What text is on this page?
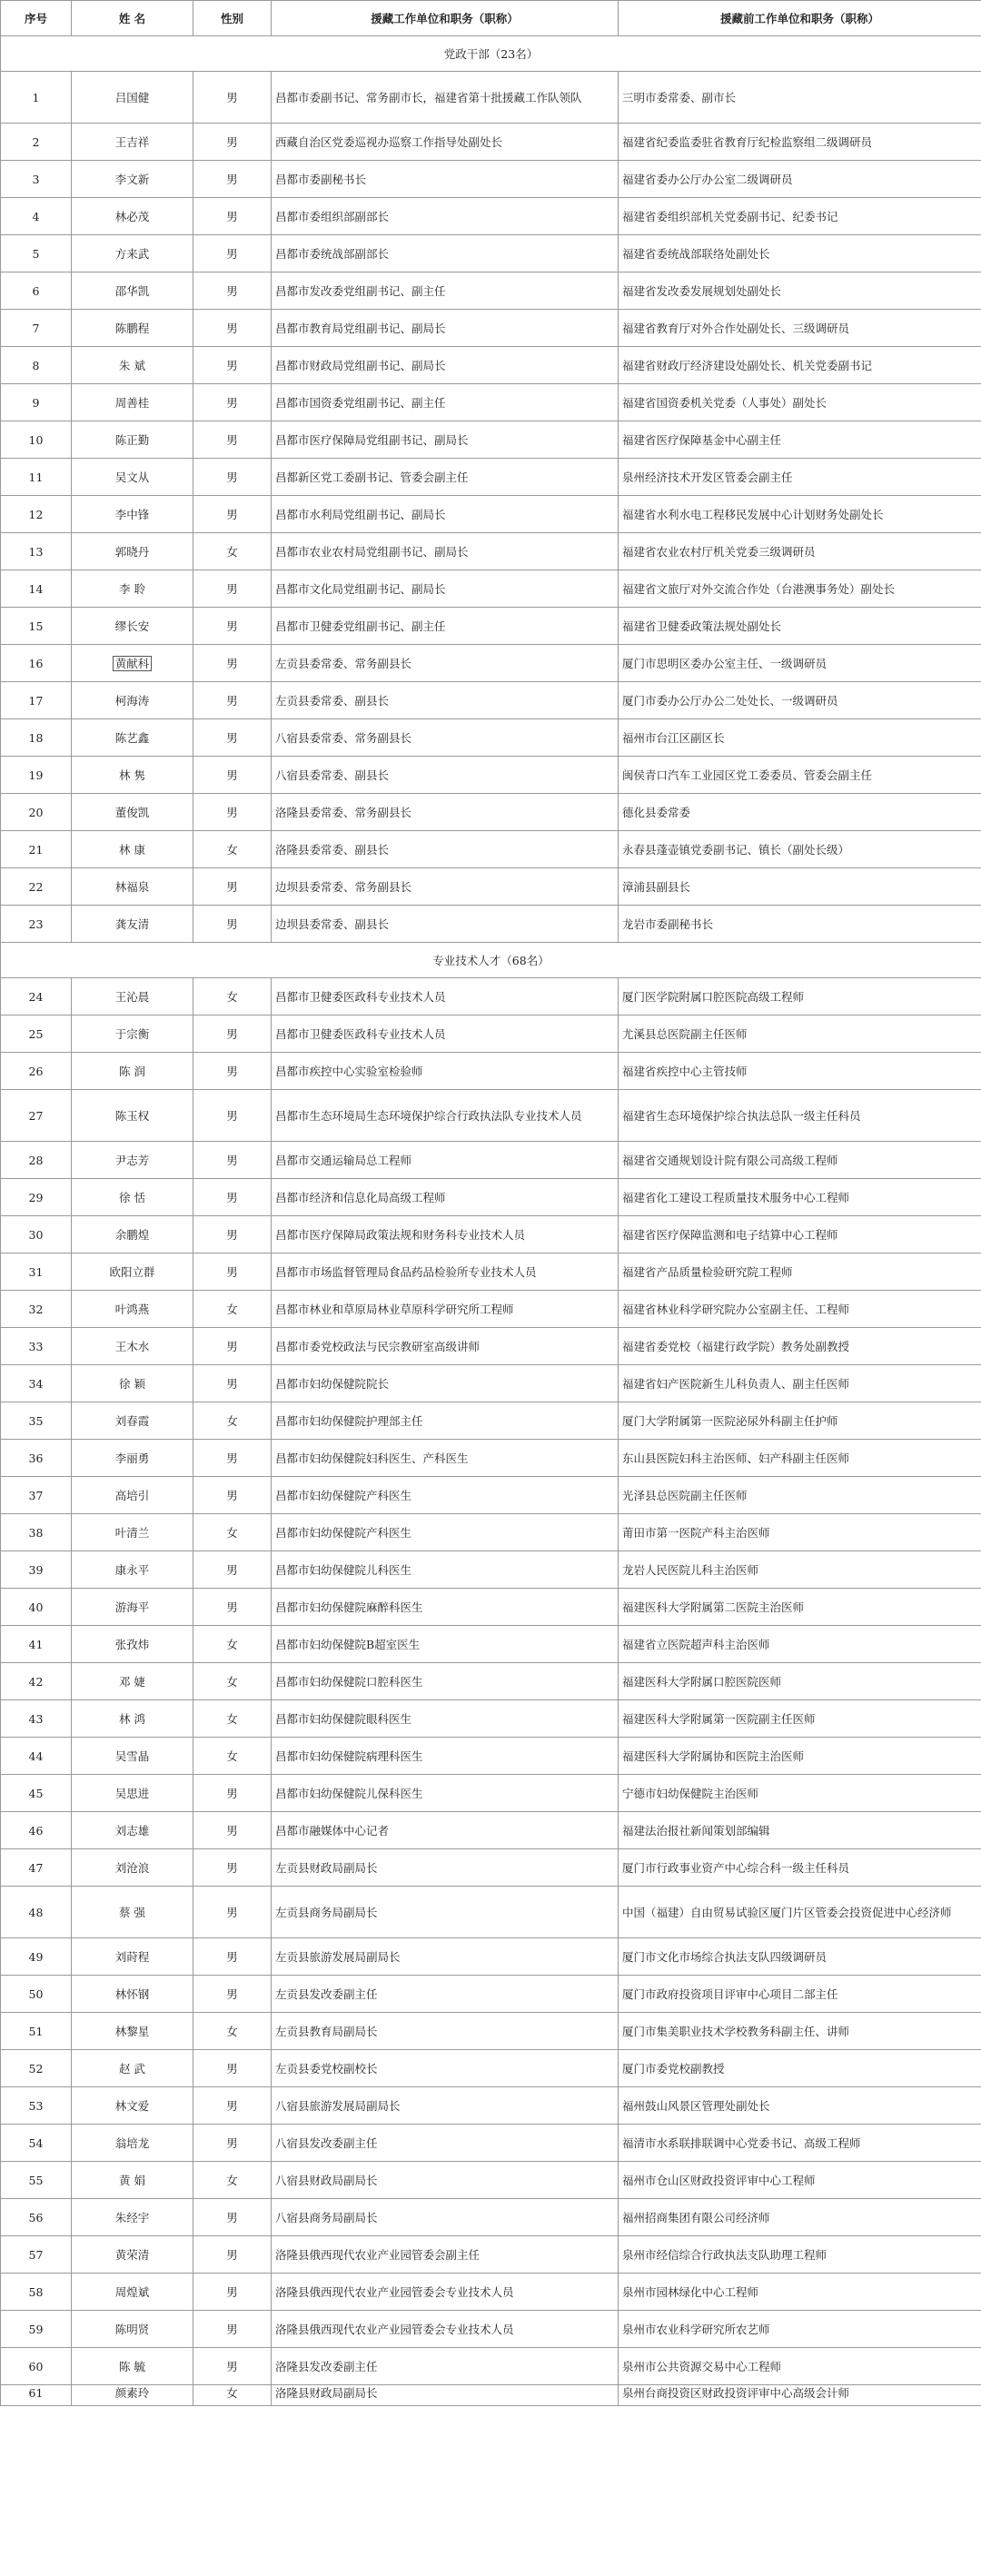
序号	姓 名	性别	援藏工作单位和职务（职称）	援藏前工作单位和职务（职称）
党政干部（23名）				
1	吕国健	男	昌都市委副书记、常务副市长，福建省第十批援藏工作队领队	三明市委常委、副市长
2	王吉祥	男	西藏自治区党委巡视办巡察工作指导处副处长	福建省纪委监委驻省教育厅纪检监察组二级调研员
3	李文新	男	昌都市委副秘书长	福建省委办公厅办公室二级调研员
4	林必茂	男	昌都市委组织部副部长	福建省委组织部机关党委副书记、纪委书记
5	方来武	男	昌都市委统战部副部长	福建省委统战部联络处副处长
6	邵华凯	男	昌都市发改委党组副书记、副主任	福建省发改委发展规划处副处长
7	陈鹏程	男	昌都市教育局党组副书记、副局长	福建省教育厅对外合作处副处长、三级调研员
8	朱 斌	男	昌都市财政局党组副书记、副局长	福建省财政厅经济建设处副处长、机关党委副书记
9	周善桂	男	昌都市国资委党组副书记、副主任	福建省国资委机关党委（人事处）副处长
10	陈正勤	男	昌都市医疗保障局党组副书记、副局长	福建省医疗保障基金中心副主任
11	吴文从	男	昌都新区党工委副书记、管委会副主任	泉州经济技术开发区管委会副主任
12	李中锋	男	昌都市水利局党组副书记、副局长	福建省水利水电工程移民发展中心计划财务处副处长
13	郭晓丹	女	昌都市农业农村局党组副书记、副局长	福建省农业农村厅机关党委三级调研员
14	李 聆	男	昌都市文化局党组副书记、副局长	福建省文旅厅对外交流合作处（台港澳事务处）副处长
15	缪长安	男	昌都市卫健委党组副书记、副主任	福建省卫健委政策法规处副处长
16	黄献科	男	左贡县委常委、常务副县长	厦门市思明区委办公室主任、一级调研员
17	柯海涛	男	左贡县委常委、副县长	厦门市委办公厅办公二处处长、一级调研员
18	陈艺鑫	男	八宿县委常委、常务副县长	福州市台江区副区长
19	林 隽	男	八宿县委常委、副县长	闽侯青口汽车工业园区党工委委员、管委会副主任
20	董俊凯	男	洛隆县委常委、常务副县长	德化县委常委
21	林 康	女	洛隆县委常委、副县长	永春县蓬壶镇党委副书记、镇长（副处长级）
22	林福泉	男	边坝县委常委、常务副县长	漳浦县副县长
23	龚友清	男	边坝县委常委、副县长	龙岩市委副秘书长
专业技术人才（68名）				
24	王沁晨	女	昌都市卫健委医政科专业技术人员	厦门医学院附属口腔医院高级工程师
25	于宗衡	男	昌都市卫健委医政科专业技术人员	尤溪县总医院副主任医师
26	陈 润	男	昌都市疾控中心实验室检验师	福建省疾控中心主管技师
27	陈玉权	男	昌都市生态环境局生态环境保护综合行政执法队专业技术人员	福建省生态环境保护综合执法总队一级主任科员
28	尹志芳	男	昌都市交通运输局总工程师	福建省交通规划设计院有限公司高级工程师
29	徐 恬	男	昌都市经济和信息化局高级工程师	福建省化工建设工程质量技术服务中心工程师
30	余鹏煌	男	昌都市医疗保障局政策法规和财务科专业技术人员	福建省医疗保障监测和电子结算中心工程师
31	欧阳立群	男	昌都市市场监督管理局食品药品检验所专业技术人员	福建省产品质量检验研究院工程师
32	叶鸿燕	女	昌都市林业和草原局林业草原科学研究所工程师	福建省林业科学研究院办公室副主任、工程师
33	王木水	男	昌都市委党校政法与民宗教研室高级讲师	福建省委党校（福建行政学院）教务处副教授
34	徐 颖	男	昌都市妇幼保健院院长	福建省妇产医院新生儿科负责人、副主任医师
35	刘春霞	女	昌都市妇幼保健院护理部主任	厦门大学附属第一医院泌尿外科副主任护师
36	李丽勇	男	昌都市妇幼保健院妇科医生、产科医生	东山县医院妇科主治医师、妇产科副主任医师
37	高培引	男	昌都市妇幼保健院产科医生	光泽县总医院副主任医师
38	叶清兰	女	昌都市妇幼保健院产科医生	莆田市第一医院产科主治医师
39	康永平	男	昌都市妇幼保健院儿科医生	龙岩人民医院儿科主治医师
40	游海平	男	昌都市妇幼保健院麻醉科医生	福建医科大学附属第二医院主治医师
41	张孜炜	女	昌都市妇幼保健院B超室医生	福建省立医院超声科主治医师
42	邓 婕	女	昌都市妇幼保健院口腔科医生	福建医科大学附属口腔医院医师
43	林 鸿	女	昌都市妇幼保健院眼科医生	福建医科大学附属第一医院副主任医师
44	吴雪晶	女	昌都市妇幼保健院病理科医生	福建医科大学附属协和医院主治医师
45	吴思进	男	昌都市妇幼保健院儿保科医生	宁德市妇幼保健院主治医师
46	刘志雄	男	昌都市融媒体中心记者	福建法治报社新闻策划部编辑
47	刘沧浪	男	左贡县财政局副局长	厦门市行政事业资产中心综合科一级主任科员
48	蔡 强	男	左贡县商务局副局长	中国（福建）自由贸易试验区厦门片区管委会投资促进中心经济师
49	刘莳程	男	左贡县旅游发展局副局长	厦门市文化市场综合执法支队四级调研员
50	林怀钢	男	左贡县发改委副主任	厦门市政府投资项目评审中心项目二部主任
51	林黎星	女	左贡县教育局副局长	厦门市集美职业技术学校教务科副主任、讲师
52	赵 武	男	左贡县委党校副校长	厦门市委党校副教授
53	林文爱	男	八宿县旅游发展局副局长	福州鼓山风景区管理处副处长
54	翁培龙	男	八宿县发改委副主任	福清市水系联排联调中心党委书记、高级工程师
55	黄 娟	女	八宿县财政局副局长	福州市仓山区财政投资评审中心工程师
56	朱经宇	男	八宿县商务局副局长	福州招商集团有限公司经济师
57	黄荣清	男	洛隆县俄西现代农业产业园管委会副主任	泉州市经信综合行政执法支队助理工程师
58	周煌斌	男	洛隆县俄西现代农业产业园管委会专业技术人员	泉州市园林绿化中心工程师
59	陈明贤	男	洛隆县俄西现代农业产业园管委会专业技术人员	泉州市农业科学研究所农艺师
60	陈 毓	男	洛隆县发改委副主任	泉州市公共资源交易中心工程师
61	颜素玲	女	洛隆县财政局副局长	泉州台商投资区财政投资评审中心高级会计师
